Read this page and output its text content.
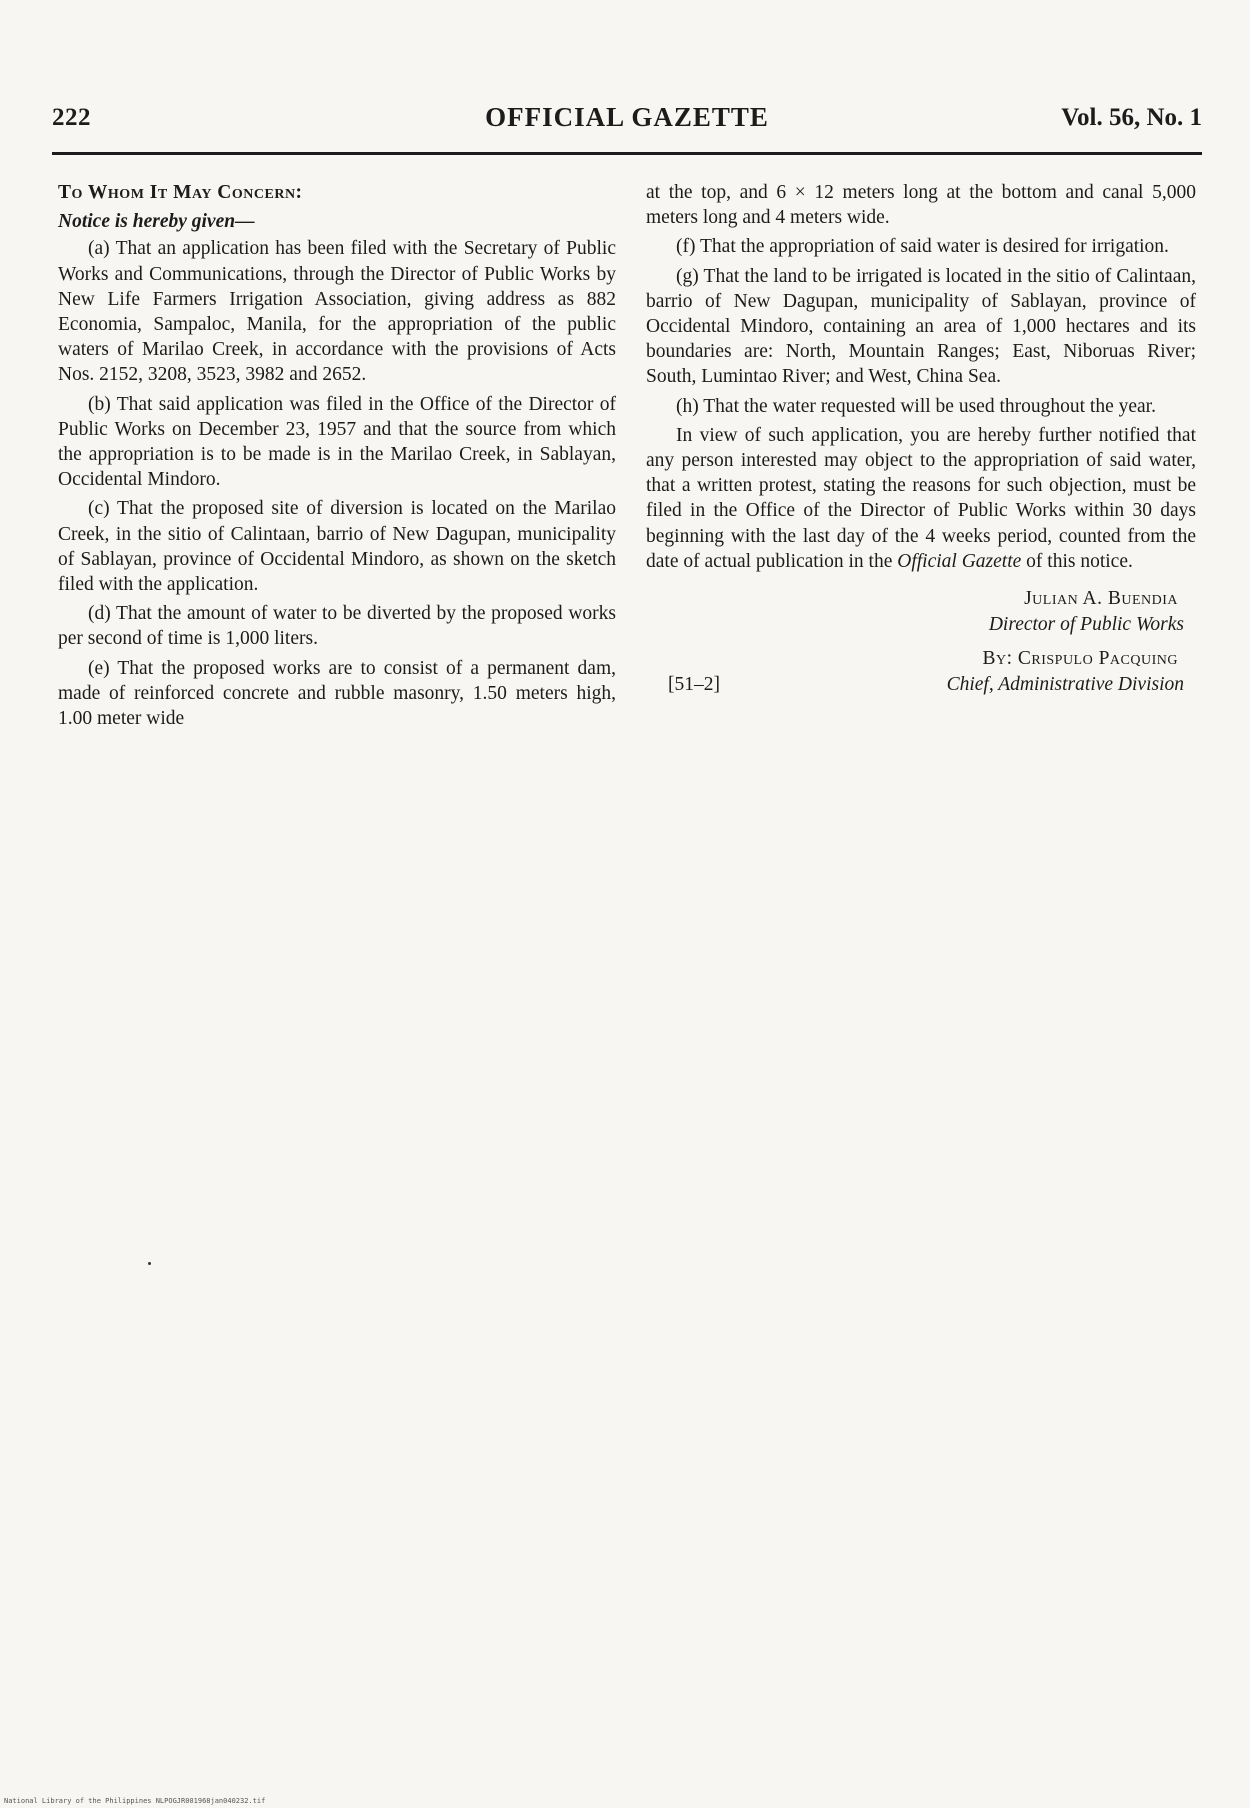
222	OFFICIAL GAZETTE	Vol. 56, No. 1

To Whom It May Concern:

Notice is hereby given—

(a) That an application has been filed with the Secretary of Public Works and Communications, through the Director of Public Works by New Life Farmers Irrigation Association, giving address as 882 Economia, Sampaloc, Manila, for the appropriation of the public waters of Marilao Creek, in accordance with the provisions of Acts Nos. 2152, 3208, 3523, 3982 and 2652.

(b) That said application was filed in the Office of the Director of Public Works on December 23, 1957 and that the source from which the appropriation is to be made is in the Marilao Creek, in Sablayan, Occidental Mindoro.

(c) That the proposed site of diversion is located on the Marilao Creek, in the sitio of Calintaan, barrio of New Dagupan, municipality of Sablayan, province of Occidental Mindoro, as shown on the sketch filed with the application.

(d) That the amount of water to be diverted by the proposed works per second of time is 1,000 liters.

(e) That the proposed works are to consist of a permanent dam, made of reinforced concrete and rubble masonry, 1.50 meters high, 1.00 meter wide

at the top, and 6 × 12 meters long at the bottom and canal 5,000 meters long and 4 meters wide.

(f) That the appropriation of said water is desired for irrigation.

(g) That the land to be irrigated is located in the sitio of Calintaan, barrio of New Dagupan, municipality of Sablayan, province of Occidental Mindoro, containing an area of 1,000 hectares and its boundaries are: North, Mountain Ranges; East, Niboruas River; South, Lumintao River; and West, China Sea.

(h) That the water requested will be used throughout the year.

In view of such application, you are hereby further notified that any person interested may object to the appropriation of said water, that a written protest, stating the reasons for such objection, must be filed in the Office of the Director of Public Works within 30 days beginning with the last day of the 4 weeks period, counted from the date of actual publication in the Official Gazette of this notice.

Julian A. Buendia
Director of Public Works
By: Crispulo Pacquing
Chief, Administrative Division
[51–2]
National Library of the Philippines NLPOGJR001968jan040232.tif
